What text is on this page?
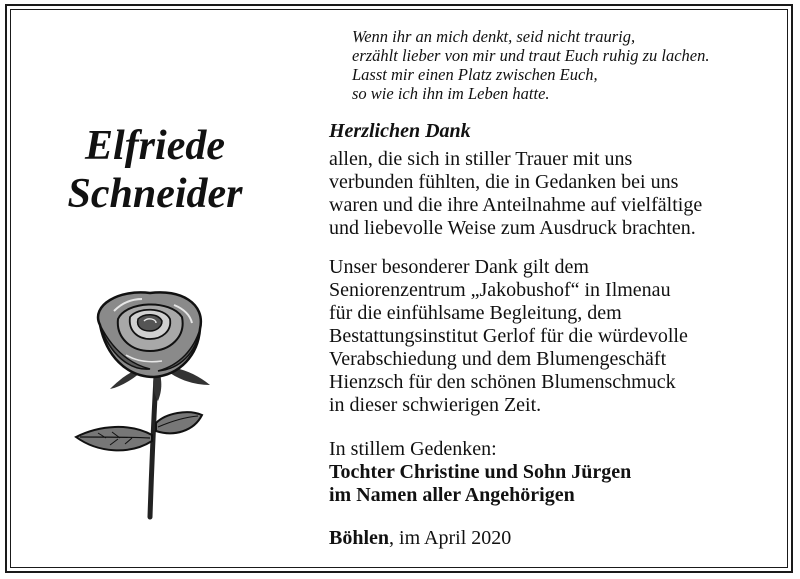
Wenn ihr an mich denkt, seid nicht traurig,
erzählt lieber von mir und traut Euch ruhig zu lachen.
Lasst mir einen Platz zwischen Euch,
so wie ich ihn im Leben hatte.
Elfriede
Schneider
Herzlichen Dank
allen, die sich in stiller Trauer mit uns
verbunden fühlten, die in Gedanken bei uns
waren und die ihre Anteilnahme auf vielfältige
und liebevolle Weise zum Ausdruck brachten.
Unser besonderer Dank gilt dem
Seniorenzentrum „Jakobushof“ in Ilmenau
für die einfühlsame Begleitung, dem
Bestattungsinstitut Gerlof für die würdevolle
Verabschiedung und dem Blumengeschäft
Hienzsch für den schönen Blumenschmuck
in dieser schwierigen Zeit.
In stillem Gedenken:
Tochter Christine und Sohn Jürgen
im Namen aller Angehörigen
Böhlen, im April 2020
